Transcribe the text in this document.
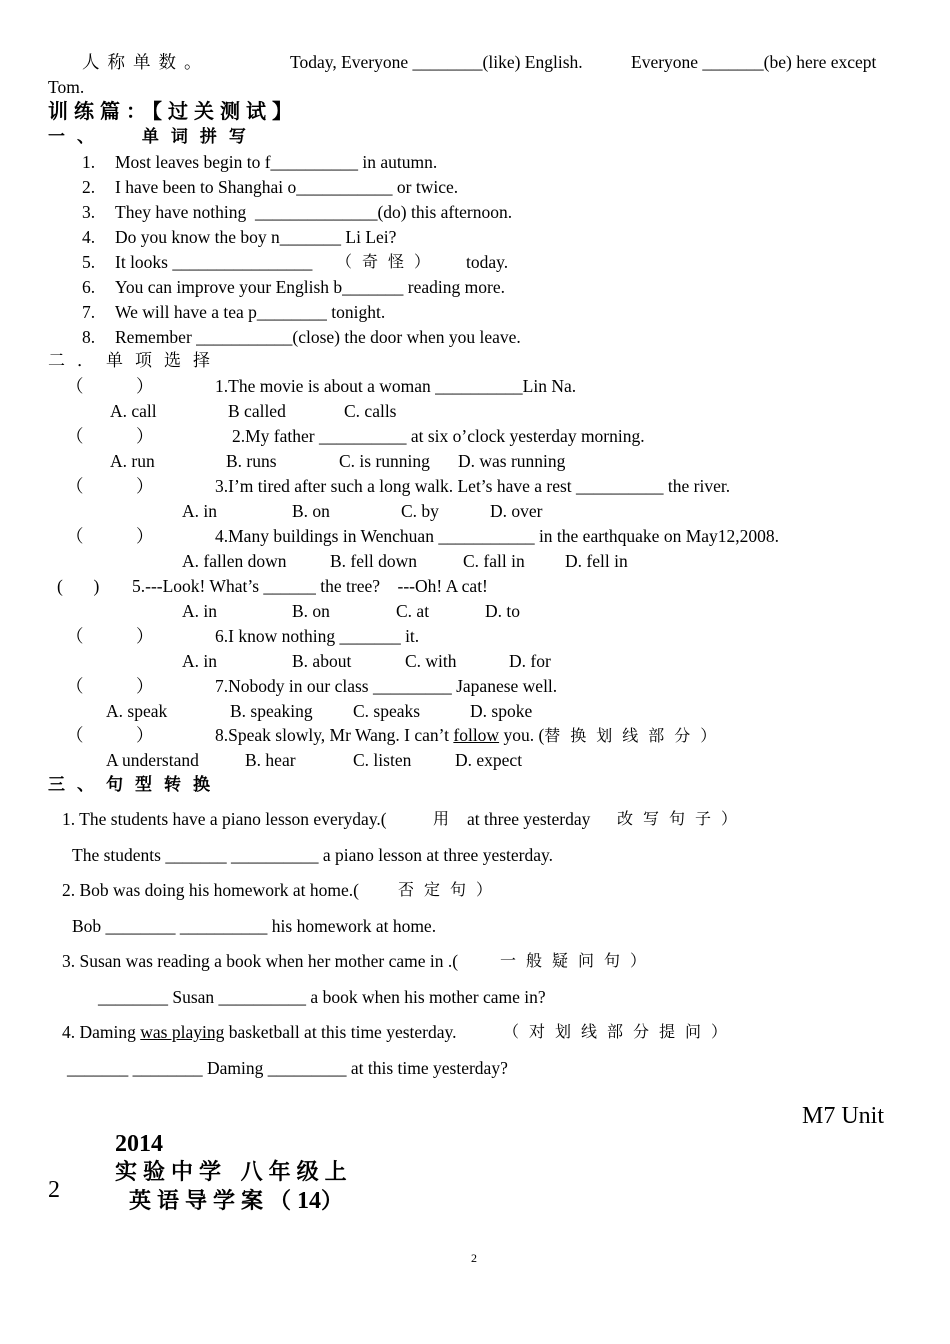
人称单数。	Today, Everyone ________(like) English.	Everyone _______(be) here except
Tom.
训练篇：【过关测试】
一、  单词拼写
1. Most leaves begin to f__________ in autumn.
2. I have been to Shanghai o___________ or twice.
3. They have nothing  ______________(do) this afternoon.
4. Do you know the boy n_______ Li Lei?
5. It looks ________________ （奇怪） today.
6. You can improve your English b_______ reading more.
7. We will have a tea p________ tonight.
8. Remember ___________(close) the door when you leave.
二．单项选择
（            ）	1.The movie is about a woman __________Lin Na.
A. call	B called	C. calls
（            ）	2.My father __________ at six o’clock yesterday morning.
A. run	B. runs	C. is running D. was running
（            ）	3.I’m tired after such a long walk. Let’s have a rest __________ the river.
A. in	B. on	C. by	D. over
（            ）	4.Many buildings in Wenchuan ___________ in the earthquake on May12,2008.
A. fallen down B. fell down	C. fall in D. fell in
(       ) 5.---Look! What’s ______ the tree?    ---Oh! A cat!
A. in	B. on	C. at	D. to
（            ）	6.I know nothing _______ it.
A. in	B. about	C. with	D. for
（            ）	7.Nobody in our class _________ Japanese well.
A. speak	B. speaking C. speaks	D. spoke
（            ）	8.Speak slowly, Mr Wang. I can’t follow you. (替换划线部分）
A understand	B. hear	C. listen D. expect
三、句型转换
1. The students have a piano lesson everyday.(	用 at three yesterday 改写句子）
The students _______ __________ a piano lesson at three yesterday.
2. Bob was doing his homework at home.( 否定句）
Bob ________ __________ his homework at home.
3. Susan was reading a book when her mother came in .(	一般疑问句）
________ Susan __________ a book when his mother came in?
4. Daming was playing basketball at this time yesterday.	（对划线部分提问）
_______ ________ Daming _________ at this time yesterday?

2014
实验中学 八年级上
英语导学案（14）

M7 Unit
2
2
